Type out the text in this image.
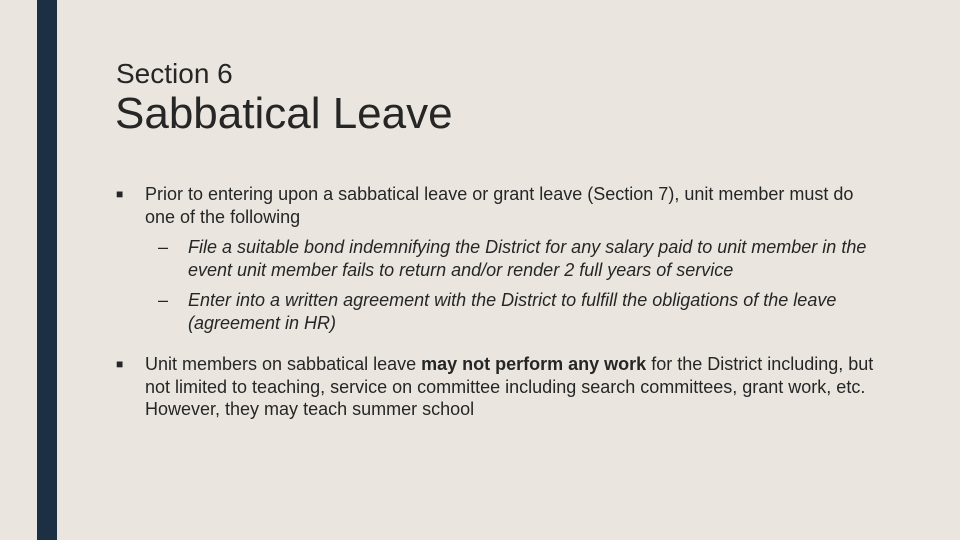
Section 6
Sabbatical Leave
■ Prior to entering upon a sabbatical leave or grant leave (Section 7), unit member must do one of the following
– File a suitable bond indemnifying the District for any salary paid to unit member in the event unit member fails to return and/or render 2 full years of service
– Enter into a written agreement with the District to fulfill the obligations of the leave (agreement in HR)
■ Unit members on sabbatical leave may not perform any work for the District including, but not limited to teaching, service on committee including search committees, grant work, etc. However, they may teach summer school
